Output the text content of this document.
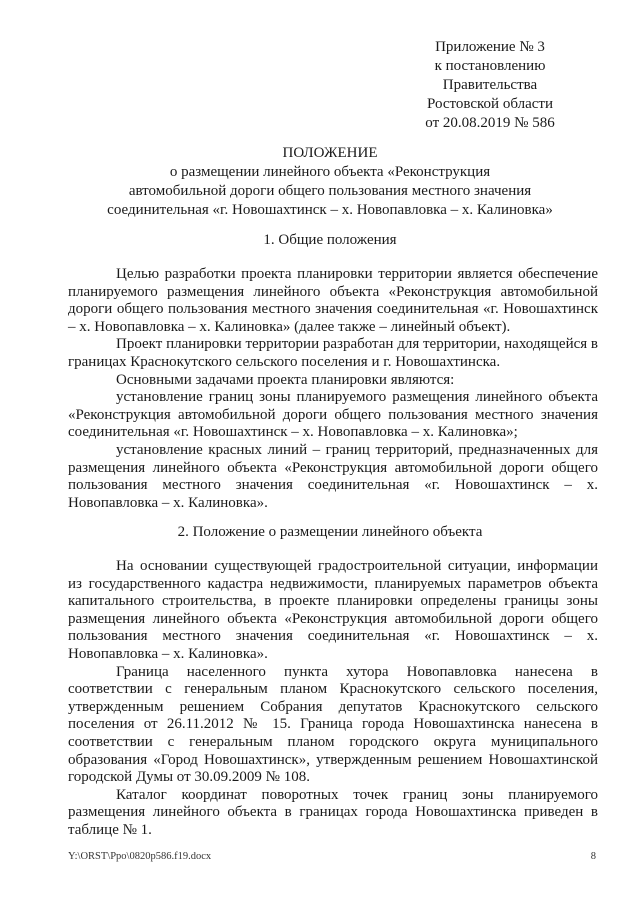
Приложение № 3
к постановлению
Правительства
Ростовской области
от 20.08.2019 № 586
ПОЛОЖЕНИЕ
о размещении линейного объекта «Реконструкция
автомобильной дороги общего пользования местного значения
соединительная «г. Новошахтинск – х. Новопавловка – х. Калиновка»
1. Общие положения

Целью разработки проекта планировки территории является обеспечение планируемого размещения линейного объекта «Реконструкция автомобильной дороги общего пользования местного значения соединительная «г. Новошахтинск – х. Новопавловка – х. Калиновка» (далее также – линейный объект).

Проект планировки территории разработан для территории, находящейся в границах Краснокутского сельского поселения и г. Новошахтинска.

Основными задачами проекта планировки являются:

установление границ зоны планируемого размещения линейного объекта «Реконструкция автомобильной дороги общего пользования местного значения соединительная «г. Новошахтинск – х. Новопавловка – х. Калиновка»;

установление красных линий – границ территорий, предназначенных для размещения линейного объекта «Реконструкция автомобильной дороги общего пользования местного значения соединительная «г. Новошахтинск – х. Новопавловка – х. Калиновка».

2. Положение о размещении линейного объекта

На основании существующей градостроительной ситуации, информации из государственного кадастра недвижимости, планируемых параметров объекта капитального строительства, в проекте планировки определены границы зоны размещения линейного объекта «Реконструкция автомобильной дороги общего пользования местного значения соединительная «г. Новошахтинск – х. Новопавловка – х. Калиновка».

Граница населенного пункта хутора Новопавловка нанесена в соответствии с генеральным планом Краснокутского сельского поселения, утвержденным решением Собрания депутатов Краснокутского сельского поселения от 26.11.2012 № 15. Граница города Новошахтинска нанесена в соответствии с генеральным планом городского округа муниципального образования «Город Новошахтинск», утвержденным решением Новошахтинской городской Думы от 30.09.2009 № 108.

Каталог координат поворотных точек границ зоны планируемого размещения линейного объекта в границах города Новошахтинска приведен в таблице № 1.

Y:\ORST\Ppo\0820p586.f19.docx	8
